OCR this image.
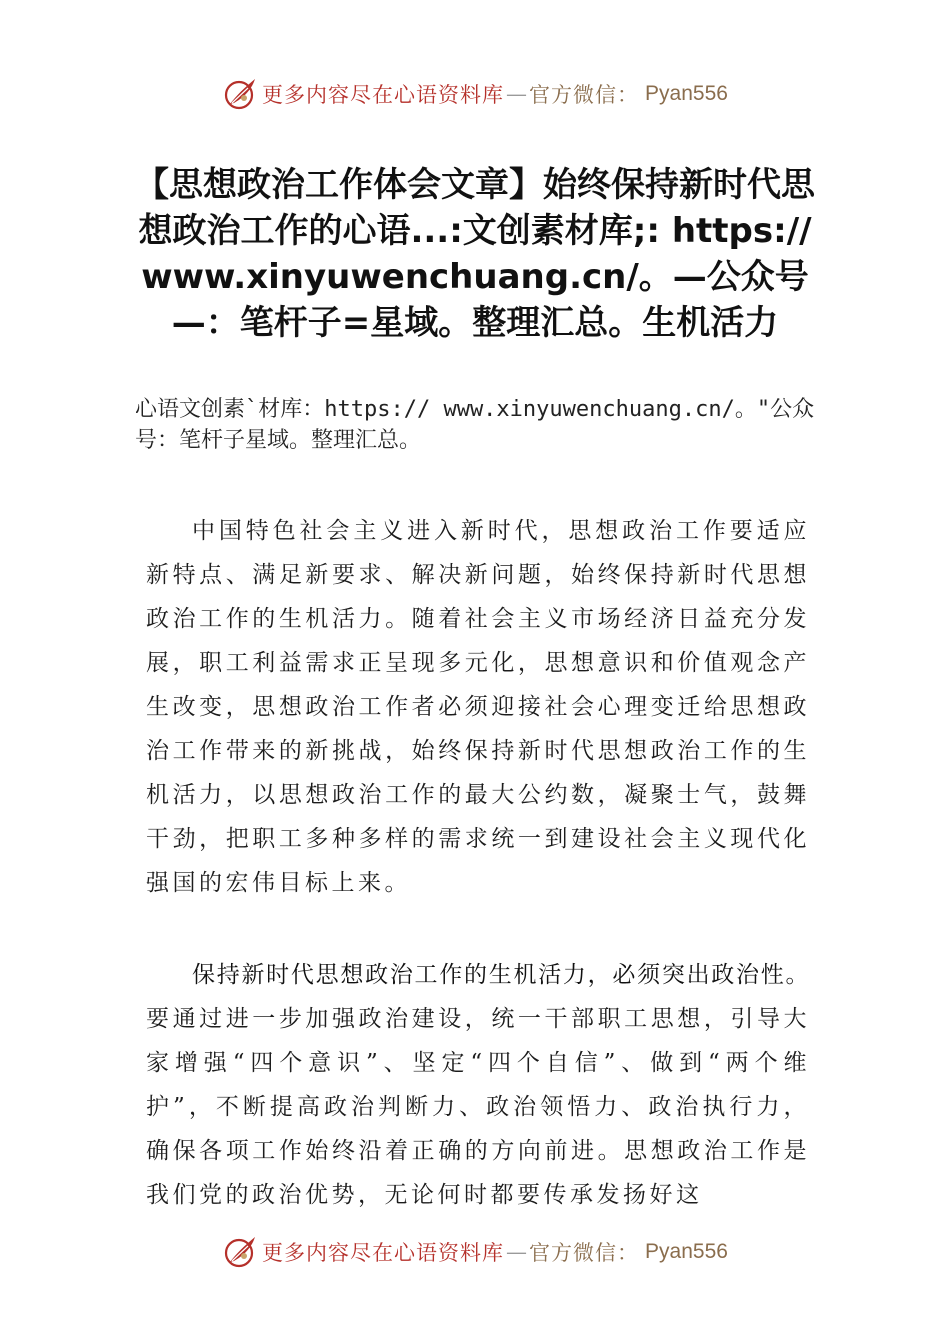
更多内容尽在心语资料库 — 官方微信： Pyan556
【思想政治工作体会文章】始终保持新时代思想政治工作的心语...:文创素材库;: https:// www.xinyuwenchuang.cn/。—公众号—：笔杆子=星域。整理汇总。生机活力
心语文创素`材库：https:// www.xinyuwenchuang.cn/。"公众号：笔杆子星域。整理汇总。
中国特色社会主义进入新时代，思想政治工作要适应新特点、满足新要求、解决新问题，始终保持新时代思想政治工作的生机活力。随着社会主义市场经济日益充分发展，职工利益需求正呈现多元化，思想意识和价值观念产生改变，思想政治工作者必须迎接社会心理变迁给思想政治工作带来的新挑战，始终保持新时代思想政治工作的生机活力，以思想政治工作的最大公约数，凝聚士气，鼓舞干劲，把职工多种多样的需求统一到建设社会主义现代化强国的宏伟目标上来。
保持新时代思想政治工作的生机活力，必须突出政治性。要通过进一步加强政治建设，统一干部职工思想，引导大家增强“四个意识”、坚定“四个自信”、做到“两个维护”，不断提高政治判断力、政治领悟力、政治执行力，确保各项工作始终沿着正确的方向前进。思想政治工作是我们党的政治优势，无论何时都要传承发扬好这
更多内容尽在心语资料库 — 官方微信： Pyan556
